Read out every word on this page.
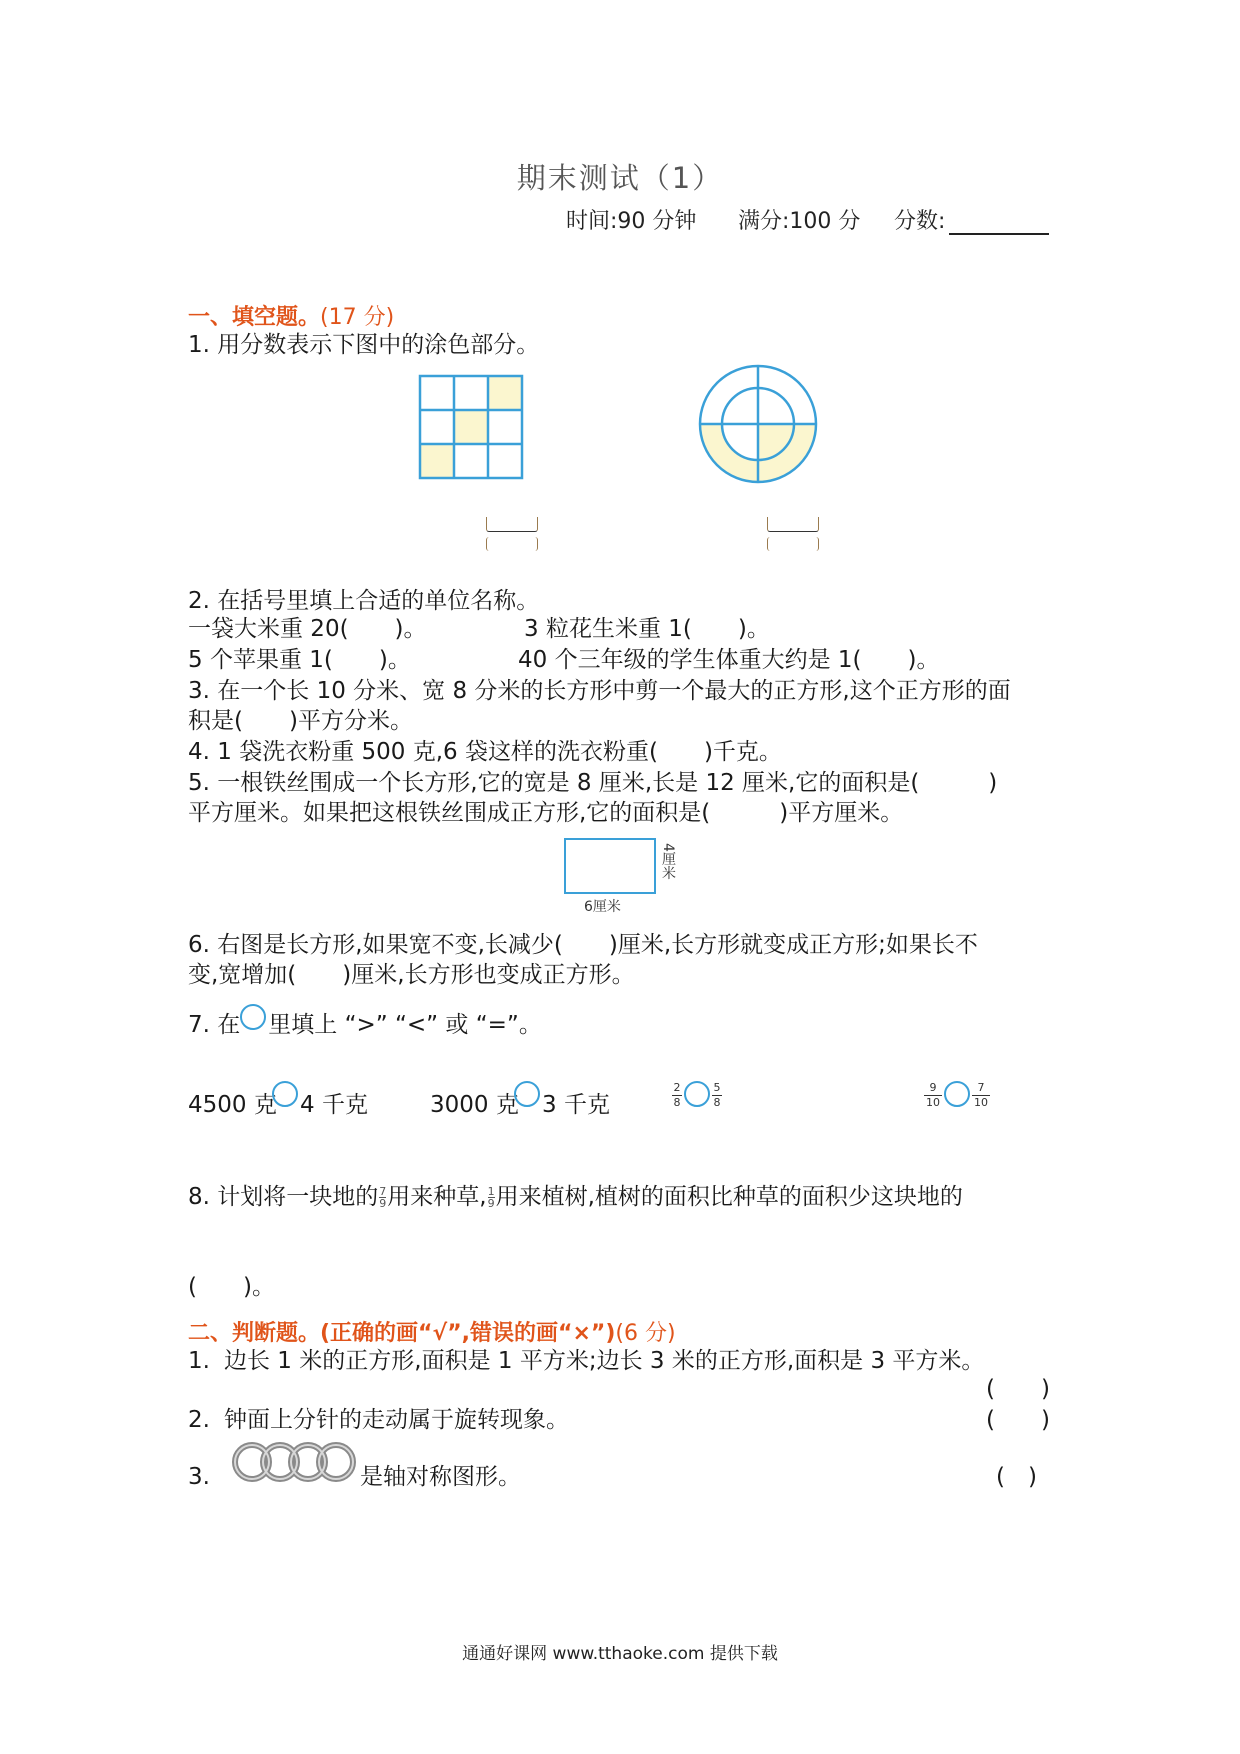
期末测试（1）
时间:90 分钟 满分:100 分 分数:
一、填空题。(17 分)
1. 用分数表示下图中的涂色部分。
2. 在括号里填上合适的单位名称。
一袋大米重 20(　　)。	3 粒花生米重 1(　　)。
5 个苹果重 1(　　)。	40 个三年级的学生体重大约是 1(　　)。
3. 在一个长 10 分米、宽 8 分米的长方形中剪一个最大的正方形,这个正方形的面
积是(　　)平方分米。
4. 1 袋洗衣粉重 500 克,6 袋这样的洗衣粉重(　　)千克。
5. 一根铁丝围成一个长方形,它的宽是 8 厘米,长是 12 厘米,它的面积是(　　　)
平方厘米。如果把这根铁丝围成正方形,它的面积是(　　　)平方厘米。
4厘米
6厘米
6. 右图是长方形,如果宽不变,长减少(　　)厘米,长方形就变成正方形;如果长不
变,宽增加(　　)厘米,长方形也变成正方形。
7. 在 里填上 “>” “<” 或 “=”。
4500 克 4 千克	3000 克 3 千克
2
8
5
8
9
10
7
10
8. 计划将一块地的 $\frac{7}{9}$ 用来种草, $\frac{1}{9}$ 用来植树,植树的面积比种草的面积少这块地的
(　　)。
二、判断题。(正确的画“√”,错误的画“×”)(6 分)
1. 边长 1 米的正方形,面积是 1 平方米;边长 3 米的正方形,面积是 3 平方米。
(　　)
2. 钟面上分针的走动属于旋转现象。	(　　)
3.	是轴对称图形。	(　)
通通好课网 www.tthaoke.com 提供下载
